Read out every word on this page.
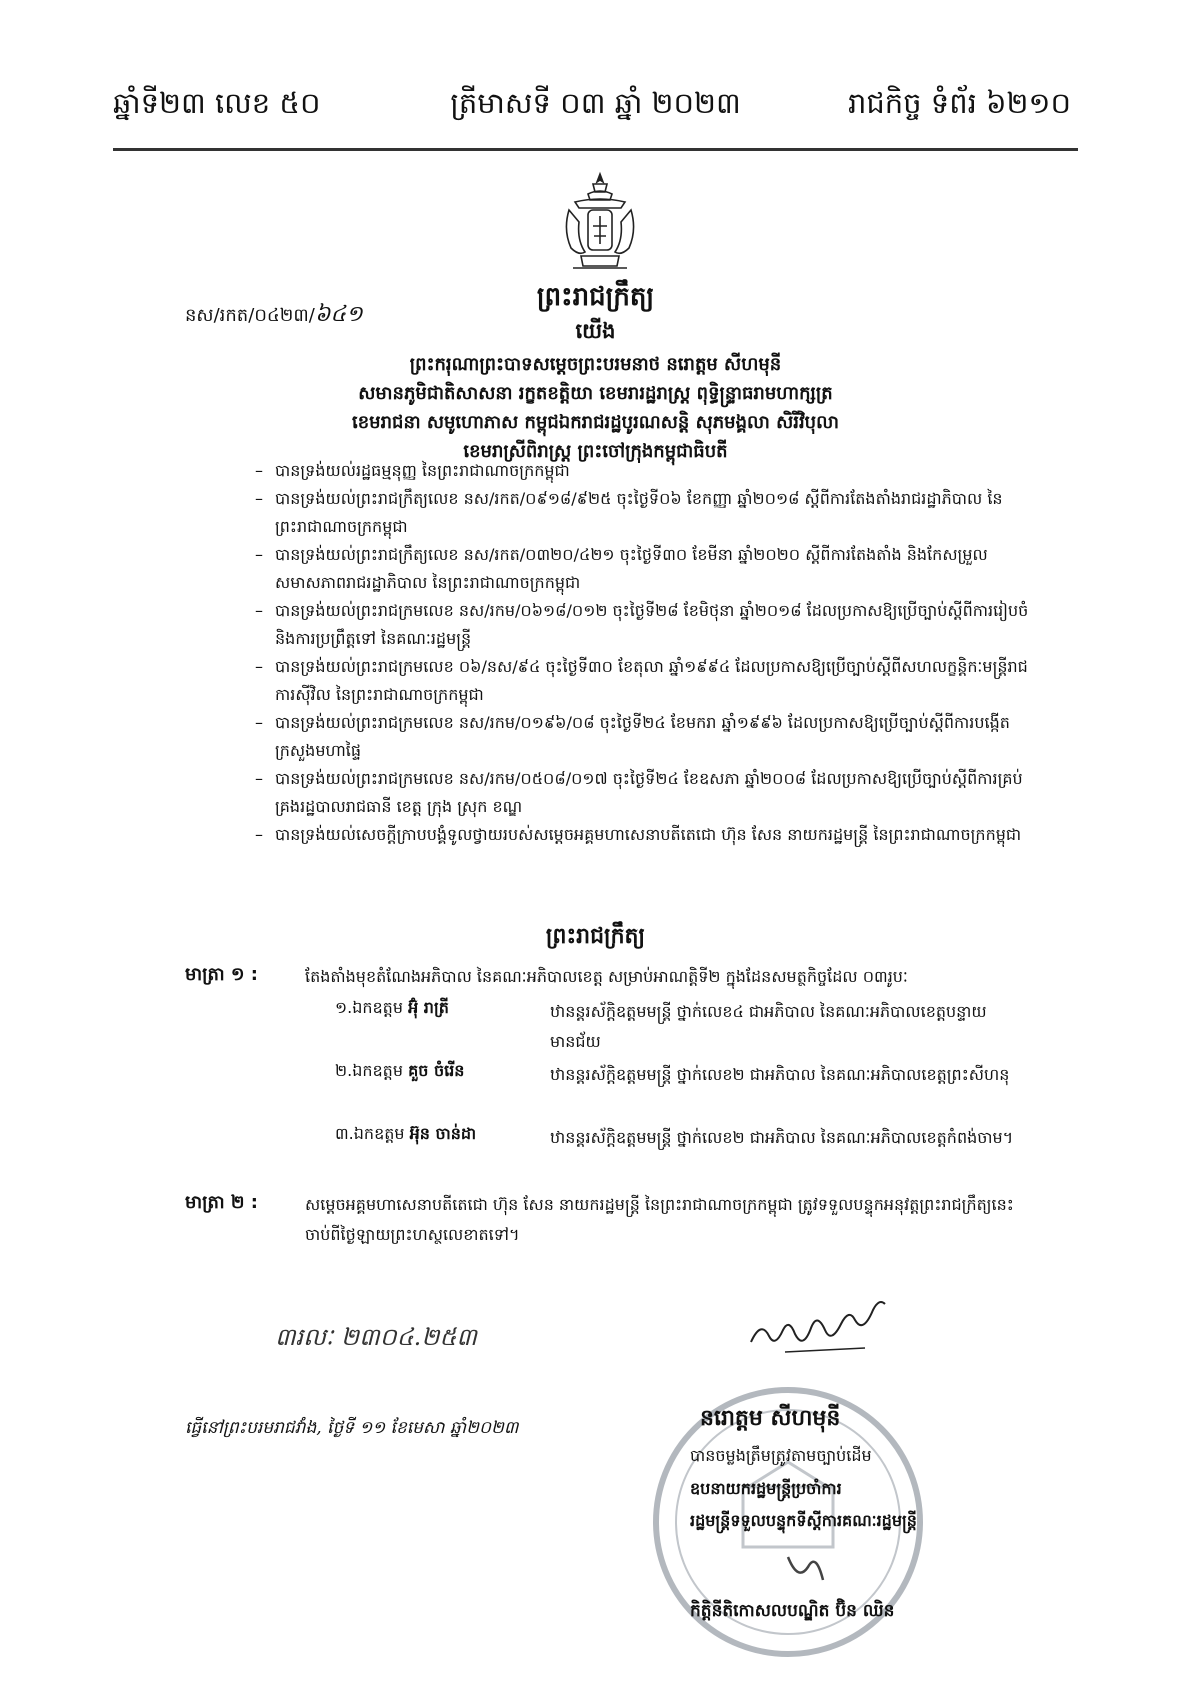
ឆ្នាំទី២៣ លេខ ៥០	ត្រីមាសទី ០៣ ឆ្នាំ ២០២៣	រាជកិច្ច ទំព័រ ៦២១០
ព្រះរាជក្រឹត្យ
នស/រកត/០៤២៣/៦៤១
យើង
ព្រះករុណាព្រះបាទសម្តេចព្រះបរមនាថ នរោត្តម សីហមុនី
សមានភូមិជាតិសាសនា រក្ខតខត្តិយា ខេមរារដ្ឋរាស្ត្រ ពុទ្ធិន្ទ្រាធរាមហាក្សត្រ
ខេមរាជនា សមូហោភាស កម្ពុជឯករាជរដ្ឋបូរណសន្តិ សុភមង្គលា សិរីវិបុលា
ខេមរាស្រីពិរាស្ត្រ ព្រះចៅក្រុងកម្ពុជាធិបតី
– បានទ្រង់យល់រដ្ឋធម្មនុញ្ញ នៃព្រះរាជាណាចក្រកម្ពុជា
– បានទ្រង់យល់ព្រះរាជក្រឹត្យលេខ នស/រកត/០៩១៨/៩២៥ ចុះថ្ងៃទី០៦ ខែកញ្ញា ឆ្នាំ២០១៨ ស្តីពីការតែងតាំងរាជរដ្ឋាភិបាល នៃព្រះរាជាណាចក្រកម្ពុជា
– បានទ្រង់យល់ព្រះរាជក្រឹត្យលេខ នស/រកត/០៣២០/៤២១ ចុះថ្ងៃទី៣០ ខែមីនា ឆ្នាំ២០២០ ស្តីពីការតែងតាំង និងកែសម្រួលសមាសភាពរាជរដ្ឋាភិបាល នៃព្រះរាជាណាចក្រកម្ពុជា
– បានទ្រង់យល់ព្រះរាជក្រមលេខ នស/រកម/០៦១៨/០១២ ចុះថ្ងៃទី២៨ ខែមិថុនា ឆ្នាំ២០១៨ ដែលប្រកាសឱ្យប្រើច្បាប់ស្តីពីការរៀបចំ និងការប្រព្រឹត្តទៅ នៃគណៈរដ្ឋមន្ត្រី
– បានទ្រង់យល់ព្រះរាជក្រមលេខ ០៦/នស/៩៤ ចុះថ្ងៃទី៣០ ខែតុលា ឆ្នាំ១៩៩៤ ដែលប្រកាសឱ្យប្រើច្បាប់ស្តីពីសហលក្ខន្តិកៈមន្ត្រីរាជការស៊ីវិល នៃព្រះរាជាណាចក្រកម្ពុជា
– បានទ្រង់យល់ព្រះរាជក្រមលេខ នស/រកម/០១៩៦/០៨ ចុះថ្ងៃទី២៤ ខែមករា ឆ្នាំ១៩៩៦ ដែលប្រកាសឱ្យប្រើច្បាប់ស្តីពីការបង្កើតក្រសួងមហាផ្ទៃ
– បានទ្រង់យល់ព្រះរាជក្រមលេខ នស/រកម/០៥០៨/០១៧ ចុះថ្ងៃទី២៤ ខែឧសភា ឆ្នាំ២០០៨ ដែលប្រកាសឱ្យប្រើច្បាប់ស្តីពីការគ្រប់គ្រងរដ្ឋបាលរាជធានី ខេត្ត ក្រុង ស្រុក ខណ្ឌ
– បានទ្រង់យល់សេចក្តីក្រាបបង្គំទូលថ្វាយរបស់សម្តេចអគ្គមហាសេនាបតីតេជោ ហ៊ុន សែន នាយករដ្ឋមន្ត្រី នៃព្រះរាជាណាចក្រកម្ពុជា
ព្រះរាជក្រឹត្យ
មាត្រា ១ :	តែងតាំងមុខតំណែងអភិបាល នៃគណៈអភិបាលខេត្ត សម្រាប់អាណត្តិទី២ ក្នុងដែនសមត្ថកិច្ចដែល ០៣រូបៈ
១.ឯកឧត្តម អ៊ុំ រាត្រី	ឋានន្តរស័ក្តិឧត្តមមន្ត្រី ថ្នាក់លេខ៤ ជាអភិបាល នៃគណៈអភិបាលខេត្តបន្ទាយមានជ័យ
២.ឯកឧត្តម គួច ចំរើន	ឋានន្តរស័ក្តិឧត្តមមន្ត្រី ថ្នាក់លេខ២ ជាអភិបាល នៃគណៈអភិបាលខេត្តព្រះសីហនុ
៣.ឯកឧត្តម អ៊ុន ចាន់ដា	ឋានន្តរស័ក្តិឧត្តមមន្ត្រី ថ្នាក់លេខ២ ជាអភិបាល នៃគណៈអភិបាលខេត្តកំពង់ចាម។
មាត្រា ២ :	សម្តេចអគ្គមហាសេនាបតីតេជោ ហ៊ុន សែន នាយករដ្ឋមន្ត្រី នៃព្រះរាជាណាចក្រកម្ពុជា ត្រូវទទួលបន្ទុកអនុវត្តព្រះរាជក្រឹត្យនេះ ចាប់ពីថ្ងៃឡាយព្រះហស្ថលេខាតទៅ។
៣រលៈ ២៣០៤.២៥៣
ធ្វើនៅព្រះបរមរាជវាំង, ថ្ងៃទី ១១ ខែមេសា ឆ្នាំ២០២៣	នរោត្តម សីហមុនី
បានចម្លងត្រឹមត្រូវតាមច្បាប់ដើម
ឧបនាយករដ្ឋមន្ត្រីប្រចាំការ
រដ្ឋមន្ត្រីទទួលបន្ទុកទីស្តីការគណៈរដ្ឋមន្ត្រី
កិត្តិនីតិកោសលបណ្ឌិត ប៊ិន ឈិន
